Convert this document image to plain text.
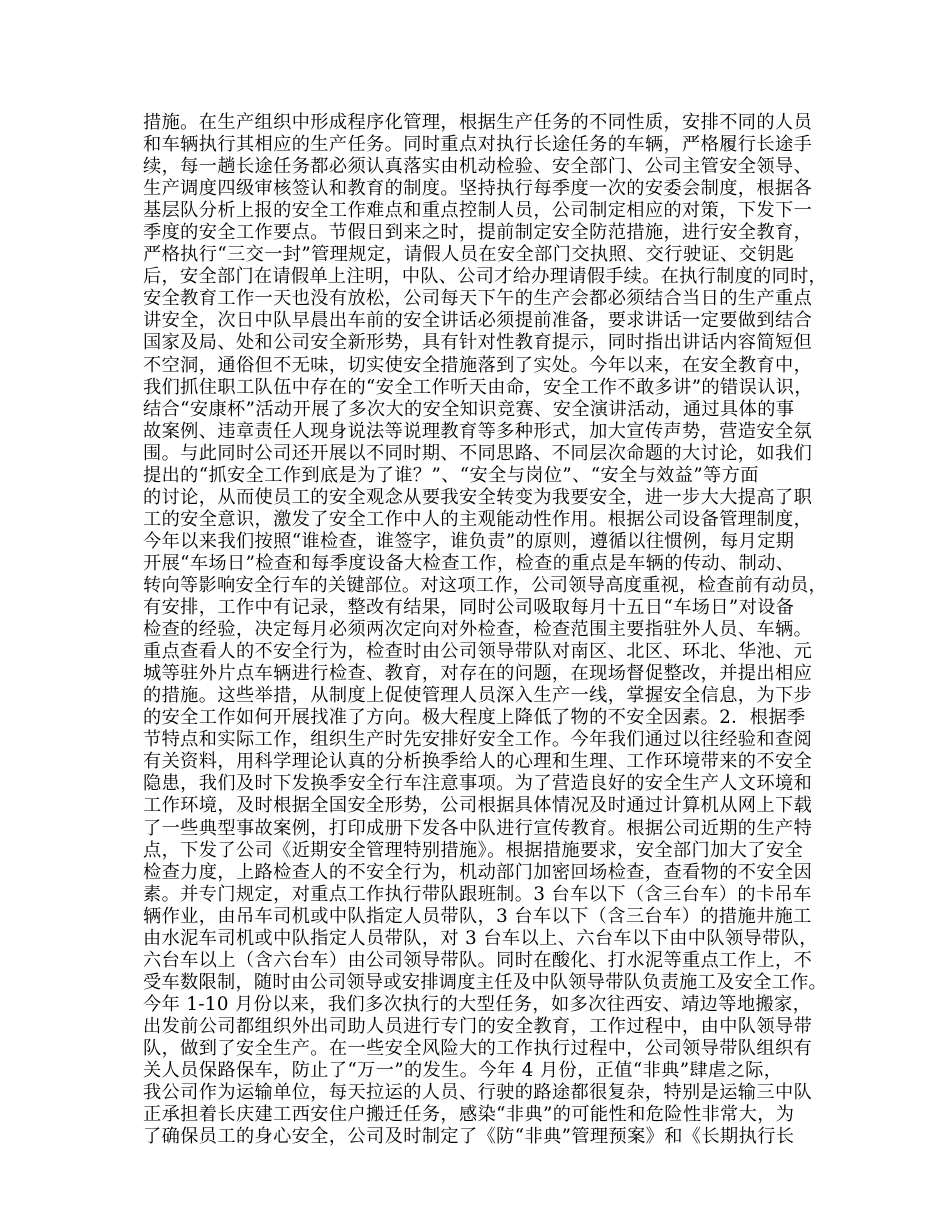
措施。在生产组织中形成程序化管理，根据生产任务的不同性质，安排不同的人员
和车辆执行其相应的生产任务。同时重点对执行长途任务的车辆，严格履行长途手
续，每一趟长途任务都必须认真落实由机动检验、安全部门、公司主管安全领导、
生产调度四级审核签认和教育的制度。坚持执行每季度一次的安委会制度，根据各
基层队分析上报的安全工作难点和重点控制人员，公司制定相应的对策，下发下一
季度的安全工作要点。节假日到来之时，提前制定安全防范措施，进行安全教育，
严格执行“三交一封”管理规定，请假人员在安全部门交执照、交行驶证、交钥匙
后，安全部门在请假单上注明，中队、公司才给办理请假手续。在执行制度的同时，
安全教育工作一天也没有放松，公司每天下午的生产会都必须结合当日的生产重点
讲安全，次日中队早晨出车前的安全讲话必须提前准备，要求讲话一定要做到结合
国家及局、处和公司安全新形势，具有针对性教育提示，同时指出讲话内容简短但
不空洞，通俗但不无味，切实使安全措施落到了实处。今年以来，在安全教育中，
我们抓住职工队伍中存在的“安全工作听天由命，安全工作不敢多讲”的错误认识，
结合“安康杯”活动开展了多次大的安全知识竞赛、安全演讲活动，通过具体的事
故案例、违章责任人现身说法等说理教育等多种形式，加大宣传声势，营造安全氛
围。与此同时公司还开展以不同时期、不同思路、不同层次命题的大讨论，如我们
提出的“抓安全工作到底是为了谁？”、“安全与岗位”、“安全与效益”等方面
的讨论，从而使员工的安全观念从要我安全转变为我要安全，进一步大大提高了职
工的安全意识，激发了安全工作中人的主观能动性作用。根据公司设备管理制度，
今年以来我们按照“谁检查，谁签字，谁负责”的原则，遵循以往惯例，每月定期
开展“车场日”检查和每季度设备大检查工作，检查的重点是车辆的传动、制动、
转向等影响安全行车的关键部位。对这项工作，公司领导高度重视，检查前有动员，
有安排，工作中有记录，整改有结果，同时公司吸取每月十五日“车场日”对设备
检查的经验，决定每月必须两次定向对外检查，检查范围主要指驻外人员、车辆。
重点查看人的不安全行为，检查时由公司领导带队对南区、北区、环北、华池、元
城等驻外片点车辆进行检查、教育，对存在的问题，在现场督促整改，并提出相应
的措施。这些举措，从制度上促使管理人员深入生产一线，掌握安全信息，为下步
的安全工作如何开展找准了方向。极大程度上降低了物的不安全因素。2．根据季
节特点和实际工作，组织生产时先安排好安全工作。今年我们通过以往经验和查阅
有关资料，用科学理论认真的分析换季给人的心理和生理、工作环境带来的不安全
隐患，我们及时下发换季安全行车注意事项。为了营造良好的安全生产人文环境和
工作环境，及时根据全国安全形势，公司根据具体情况及时通过计算机从网上下载
了一些典型事故案例，打印成册下发各中队进行宣传教育。根据公司近期的生产特
点，下发了公司《近期安全管理特别措施》。根据措施要求，安全部门加大了安全
检查力度，上路检查人的不安全行为，机动部门加密回场检查，查看物的不安全因
素。并专门规定，对重点工作执行带队跟班制。3 台车以下（含三台车）的卡吊车
辆作业，由吊车司机或中队指定人员带队，3 台车以下（含三台车）的措施井施工
由水泥车司机或中队指定人员带队，对 3 台车以上、六台车以下由中队领导带队，
六台车以上（含六台车）由公司领导带队。同时在酸化、打水泥等重点工作上，不
受车数限制，随时由公司领导或安排调度主任及中队领导带队负责施工及安全工作。
今年 1-10 月份以来，我们多次执行的大型任务，如多次往西安、靖边等地搬家，
出发前公司都组织外出司助人员进行专门的安全教育，工作过程中，由中队领导带
队，做到了安全生产。在一些安全风险大的工作执行过程中，公司领导带队组织有
关人员保路保车，防止了“万一”的发生。今年 4 月份，正值“非典”肆虐之际，
我公司作为运输单位，每天拉运的人员、行驶的路途都很复杂，特别是运输三中队
正承担着长庆建工西安住户搬迁任务，感染“非典”的可能性和危险性非常大，为
了确保员工的身心安全，公司及时制定了《防“非典”管理预案》和《长期执行长
